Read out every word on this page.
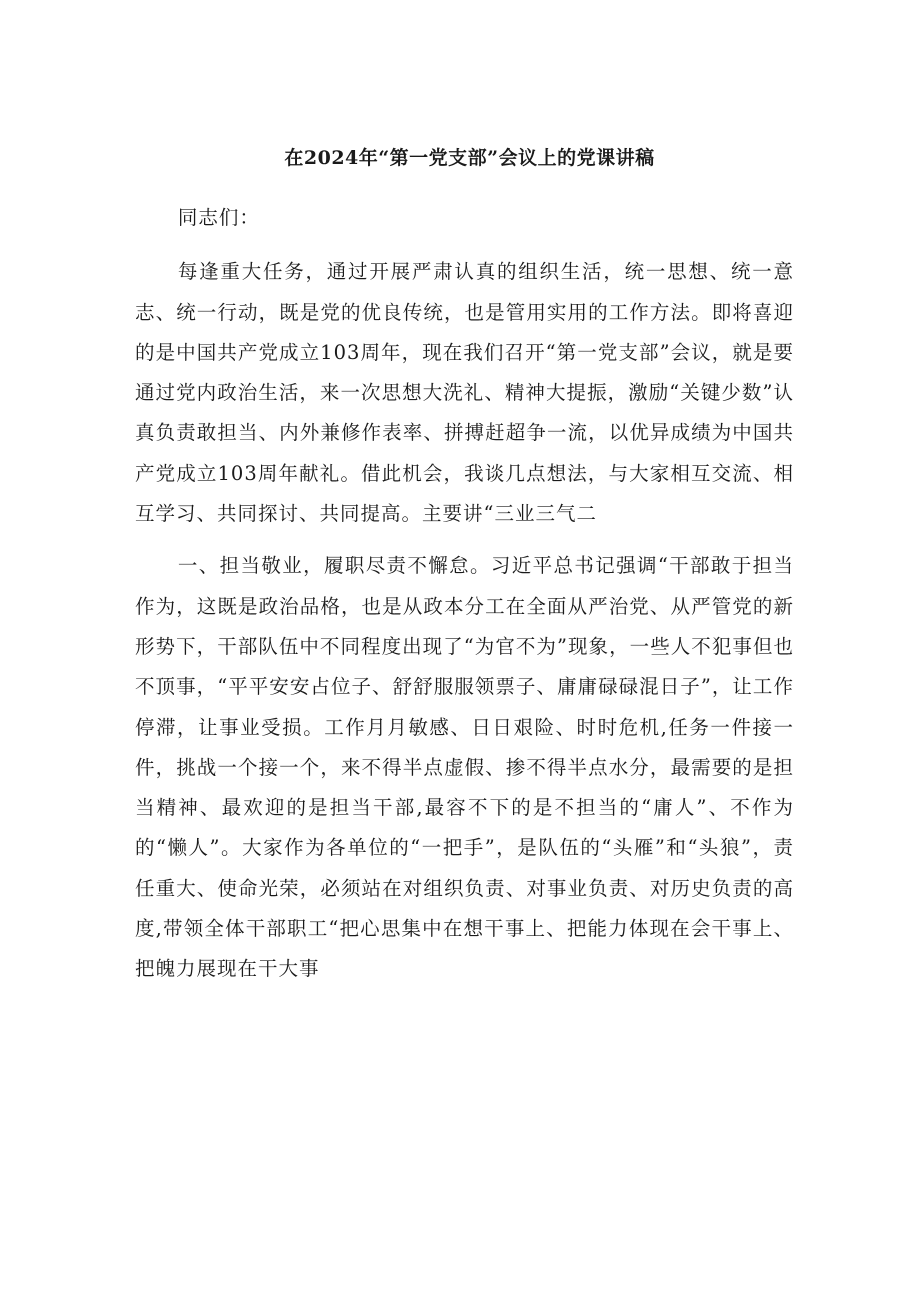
在2024年“第一党支部”会议上的党课讲稿

同志们：

每逢重大任务，通过开展严肃认真的组织生活，统一思想、统一意志、统一行动，既是党的优良传统，也是管用实用的工作方法。即将喜迎的是中国共产党成立103周年，现在我们召开“第一党支部”会议，就是要通过党内政治生活，来一次思想大洗礼、精神大提振，激励“关键少数”认真负责敢担当、内外兼修作表率、拼搏赶超争一流，以优异成绩为中国共产党成立103周年献礼。借此机会，我谈几点想法，与大家相互交流、相互学习、共同探讨、共同提高。主要讲“三业三气二

一、担当敬业，履职尽责不懈怠。习近平总书记强调“干部敢于担当作为，这既是政治品格，也是从政本分工在全面从严治党、从严管党的新形势下，干部队伍中不同程度出现了“为官不为”现象，一些人不犯事但也不顶事，“平平安安占位子、舒舒服服领票子、庸庸碌碌混日子”，让工作停滞，让事业受损。工作月月敏感、日日艰险、时时危机,任务一件接一件，挑战一个接一个，来不得半点虚假、掺不得半点水分，最需要的是担当精神、最欢迎的是担当干部,最容不下的是不担当的“庸人”、不作为的“懒人”。大家作为各单位的“一把手”，是队伍的“头雁”和“头狼”，责任重大、使命光荣，必须站在对组织负责、对事业负责、对历史负责的高度,带领全体干部职工“把心思集中在想干事上、把能力体现在会干事上、把魄力展现在干大事
